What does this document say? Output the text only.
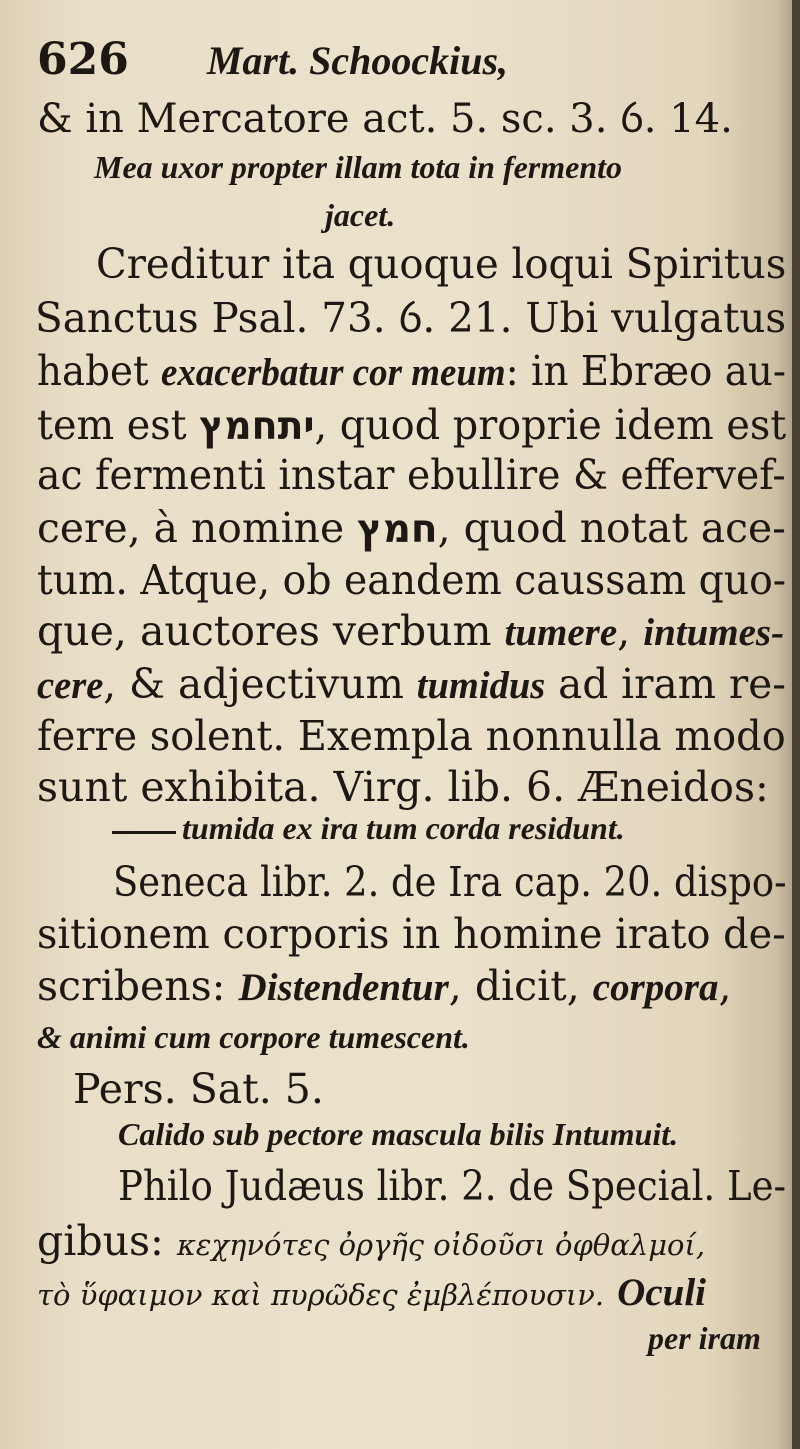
626 Mart. Schoockius,
& in Mercatore act. 5. sc. 3. ỽ. 14.
Mea uxor propter illam tota in fermento
jacet.
Creditur ita quoque loqui Spiritus
Sanctus Psal. 73. ỽ. 21. Ubi vulgatus
habet exacerbatur cor meum: in Ebræo au-
tem est יתחמץ, quod proprie idem est
ac fermenti instar ebullire & effervef-
cere, à nomine חמץ, quod notat ace-
tum. Atque, ob eandem caussam quo-
que, auctores verbum tumere, intumes-
cere, & adjectivum tumidus ad iram re-
ferre solent. Exempla nonnulla modo
sunt exhibita. Virg. lib. 6. Æneidos:
tumida ex ira tum corda residunt.
Seneca libr. 2. de Ira cap. 20. dispo-
sitionem corporis in homine irato de-
scribens: Distendentur, dicit, corpora,
& animi cum corpore tumescent.
Pers. Sat. 5.
Calido sub pectore mascula bilis Intumuit.
Philo Judæus libr. 2. de Special. Le-
gibus: κεχηνότες ὀργῆς οἰδοῦσι ὀφθαλμοί,
τὸ ὕφαιμον καὶ πυρῶδες ἐμβλέπουσιν. Oculi
per iram
